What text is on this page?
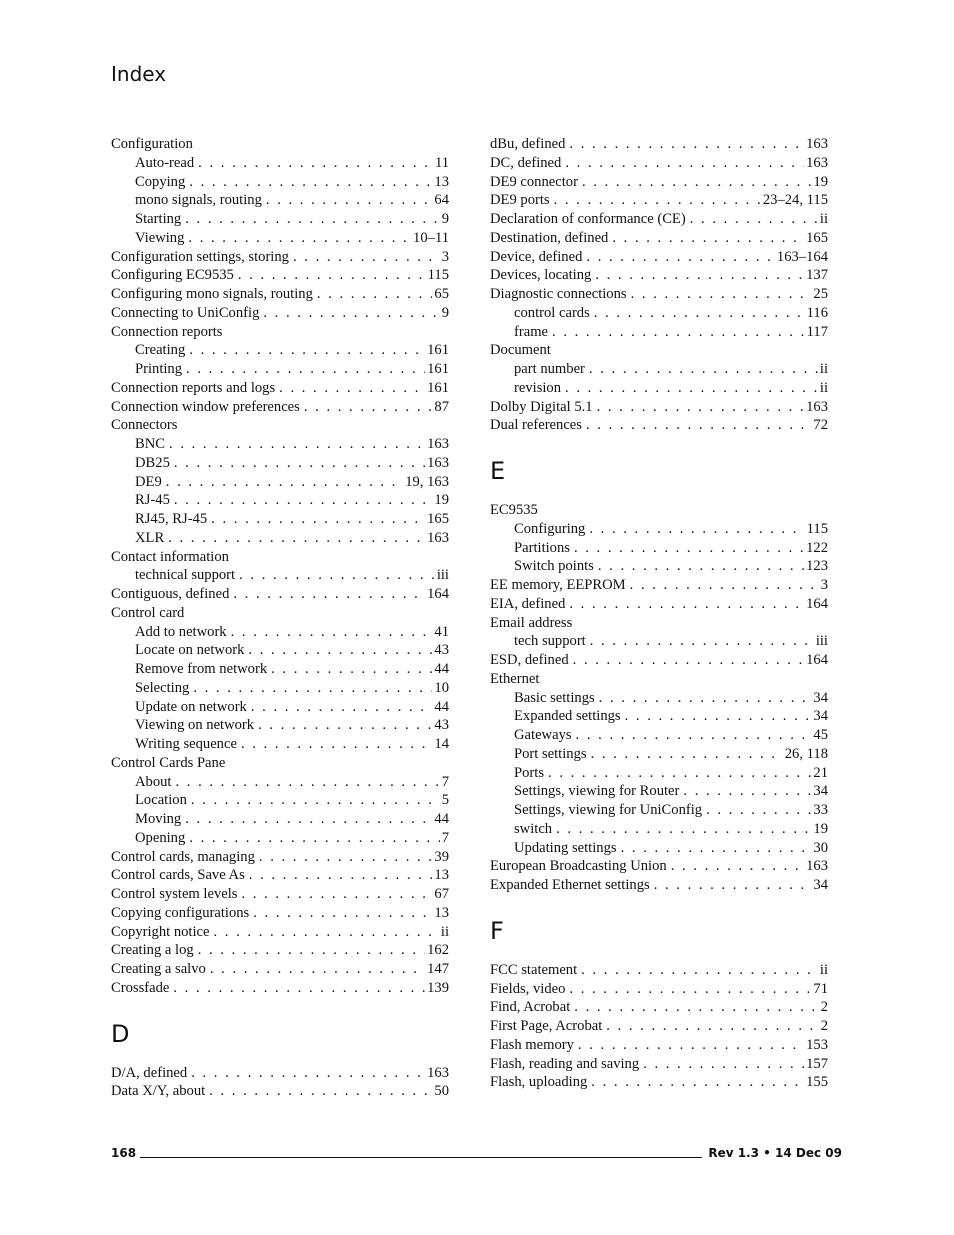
Index
Configuration
Auto-read . . .	11
Copying . . .	13
mono signals, routing . . .	64
Starting . . .	9
Viewing . . .	10–11
Configuration settings, storing . . .	3
Configuring EC9535 . . .	115
Configuring mono signals, routing . . .	65
Connecting to UniConfig . . .	9
Connection reports
Creating . . .	161
Printing . . .	161
Connection reports and logs . . .	161
Connection window preferences . . .	87
Connectors
BNC . . .	163
DB25 . . .	163
DE9 . . .	19, 163
RJ-45 . . .	19
RJ45, RJ-45 . . .	165
XLR . . .	163
Contact information
technical support . . .	iii
Contiguous, defined . . .	164
Control card
Add to network . . .	41
Locate on network . . .	43
Remove from network . . .	44
Selecting . . .	10
Update on network . . .	44
Viewing on network . . .	43
Writing sequence . . .	14
Control Cards Pane
About . . .	7
Location . . .	5
Moving . . .	44
Opening . . .	7
Control cards, managing . . .	39
Control cards, Save As . . .	13
Control system levels . . .	67
Copying configurations . . .	13
Copyright notice . . .	ii
Creating a log . . .	162
Creating a salvo . . .	147
Crossfade . . .	139
D
D/A, defined . . .	163
Data X/Y, about . . .	50
dBu, defined . . .	163
DC, defined . . .	163
DE9 connector . . .	19
DE9 ports . . .	23–24, 115
Declaration of conformance (CE) . . .	ii
Destination, defined . . .	165
Device, defined . . .	163–164
Devices, locating . . .	137
Diagnostic connections . . .	25
control cards . . .	116
frame . . .	117
Document
part number . . .	ii
revision . . .	ii
Dolby Digital 5.1 . . .	163
Dual references . . .	72
E
EC9535
Configuring . . .	115
Partitions . . .	122
Switch points . . .	123
EE memory, EEPROM . . .	3
EIA, defined . . .	164
Email address
tech support . . .	iii
ESD, defined . . .	164
Ethernet
Basic settings . . .	34
Expanded settings . . .	34
Gateways . . .	45
Port settings . . .	26, 118
Ports . . .	21
Settings, viewing for Router . . .	34
Settings, viewing for UniConfig . . .	33
switch . . .	19
Updating settings . . .	30
European Broadcasting Union . . .	163
Expanded Ethernet settings . . .	34
F
FCC statement . . .	ii
Fields, video . . .	71
Find, Acrobat . . .	2
First Page, Acrobat . . .	2
Flash memory . . .	153
Flash, reading and saving . . .	157
Flash, uploading . . .	155
168	Rev 1.3 • 14 Dec 09
